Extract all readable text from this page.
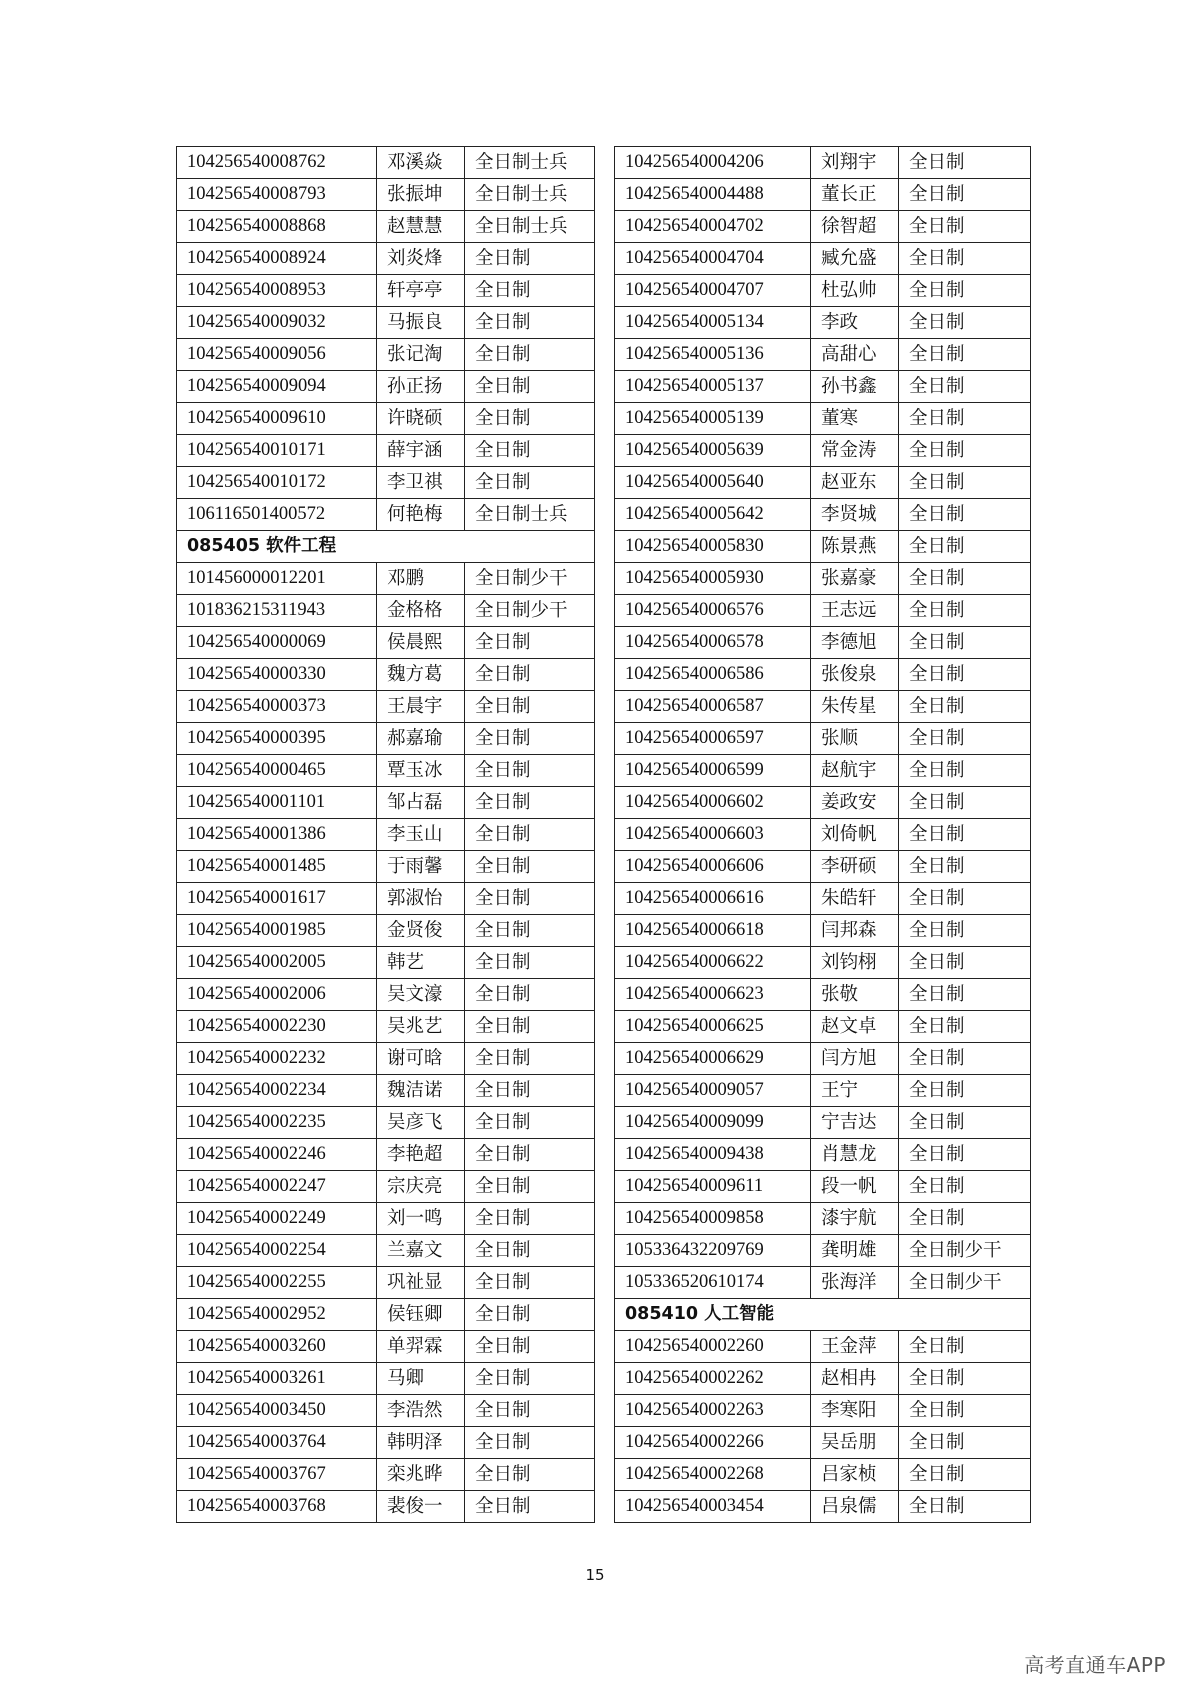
104256540008762	邓溪焱	全日制士兵
104256540008793	张振坤	全日制士兵
104256540008868	赵慧慧	全日制士兵
104256540008924	刘炎烽	全日制
104256540008953	轩亭亭	全日制
104256540009032	马振良	全日制
104256540009056	张记淘	全日制
104256540009094	孙正扬	全日制
104256540009610	许晓硕	全日制
104256540010171	薛宇涵	全日制
104256540010172	李卫祺	全日制
106116501400572	何艳梅	全日制士兵
085405 软件工程		
101456000012201	邓鹏	全日制少干
101836215311943	金格格	全日制少干
104256540000069	侯晨熙	全日制
104256540000330	魏方葛	全日制
104256540000373	王晨宇	全日制
104256540000395	郝嘉瑜	全日制
104256540000465	覃玉冰	全日制
104256540001101	邹占磊	全日制
104256540001386	李玉山	全日制
104256540001485	于雨馨	全日制
104256540001617	郭淑怡	全日制
104256540001985	金贤俊	全日制
104256540002005	韩艺	全日制
104256540002006	吴文濠	全日制
104256540002230	吴兆艺	全日制
104256540002232	谢可晗	全日制
104256540002234	魏洁诺	全日制
104256540002235	吴彦飞	全日制
104256540002246	李艳超	全日制
104256540002247	宗庆亮	全日制
104256540002249	刘一鸣	全日制
104256540002254	兰嘉文	全日制
104256540002255	巩祉显	全日制
104256540002952	侯钰卿	全日制
104256540003260	单羿霖	全日制
104256540003261	马卿	全日制
104256540003450	李浩然	全日制
104256540003764	韩明泽	全日制
104256540003767	栾兆晔	全日制
104256540003768	裴俊一	全日制
104256540004206	刘翔宇	全日制
104256540004488	董长正	全日制
104256540004702	徐智超	全日制
104256540004704	臧允盛	全日制
104256540004707	杜弘帅	全日制
104256540005134	李政	全日制
104256540005136	高甜心	全日制
104256540005137	孙书鑫	全日制
104256540005139	董寒	全日制
104256540005639	常金涛	全日制
104256540005640	赵亚东	全日制
104256540005642	李贤城	全日制
104256540005830	陈景燕	全日制
104256540005930	张嘉豪	全日制
104256540006576	王志远	全日制
104256540006578	李德旭	全日制
104256540006586	张俊泉	全日制
104256540006587	朱传星	全日制
104256540006597	张顺	全日制
104256540006599	赵航宇	全日制
104256540006602	姜政安	全日制
104256540006603	刘倚帆	全日制
104256540006606	李研硕	全日制
104256540006616	朱皓轩	全日制
104256540006618	闫邦森	全日制
104256540006622	刘钧栩	全日制
104256540006623	张敬	全日制
104256540006625	赵文卓	全日制
104256540006629	闫方旭	全日制
104256540009057	王宁	全日制
104256540009099	宁吉达	全日制
104256540009438	肖慧龙	全日制
104256540009611	段一帆	全日制
104256540009858	漆宇航	全日制
105336432209769	龚明雄	全日制少干
105336520610174	张海洋	全日制少干
085410 人工智能		
104256540002260	王金萍	全日制
104256540002262	赵相冉	全日制
104256540002263	李寒阳	全日制
104256540002266	吴岳朋	全日制
104256540002268	吕家桢	全日制
104256540003454	吕泉儒	全日制
15
高考直通车APP
